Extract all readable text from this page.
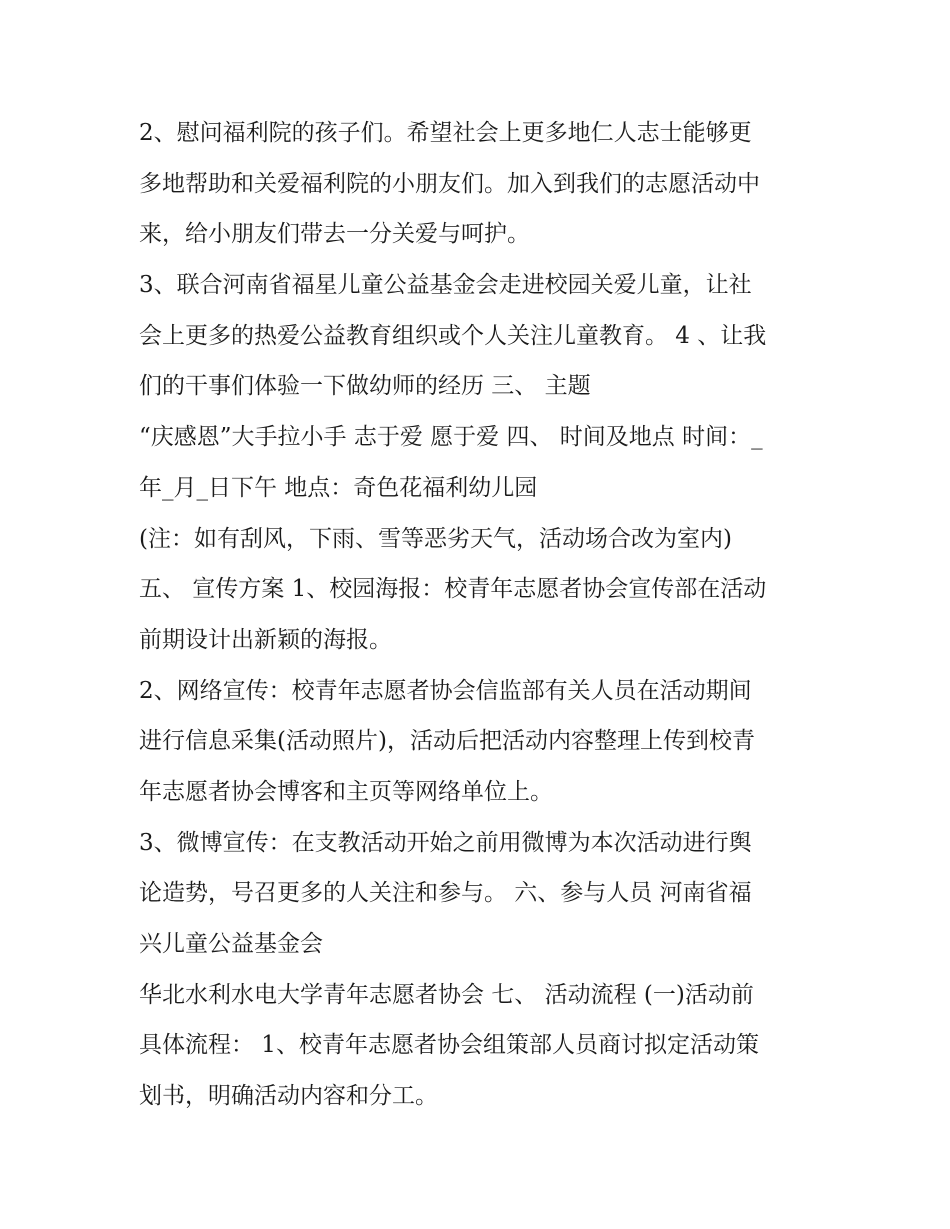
2、慰问福利院的孩子们。希望社会上更多地仁人志士能够更
多地帮助和关爱福利院的小朋友们。加入到我们的志愿活动中
来，给小朋友们带去一分关爱与呵护。
3、联合河南省福星儿童公益基金会走进校园关爱儿童，让社
会上更多的热爱公益教育组织或个人关注儿童教育。 4 、让我
们的干事们体验一下做幼师的经历 三、 主题
“庆感恩”大手拉小手 志于爱 愿于爱 四、 时间及地点 时间：_
年_月_日下午 地点：奇色花福利幼儿园
(注：如有刮风，下雨、雪等恶劣天气，活动场合改为室内)
五、 宣传方案 1、校园海报：校青年志愿者协会宣传部在活动
前期设计出新颖的海报。
2、网络宣传：校青年志愿者协会信监部有关人员在活动期间
进行信息采集(活动照片)，活动后把活动内容整理上传到校青
年志愿者协会博客和主页等网络单位上。
3、微博宣传：在支教活动开始之前用微博为本次活动进行舆
论造势，号召更多的人关注和参与。 六、参与人员 河南省福
兴儿童公益基金会
华北水利水电大学青年志愿者协会 七、 活动流程 (一)活动前
具体流程： 1、校青年志愿者协会组策部人员商讨拟定活动策
划书，明确活动内容和分工。
